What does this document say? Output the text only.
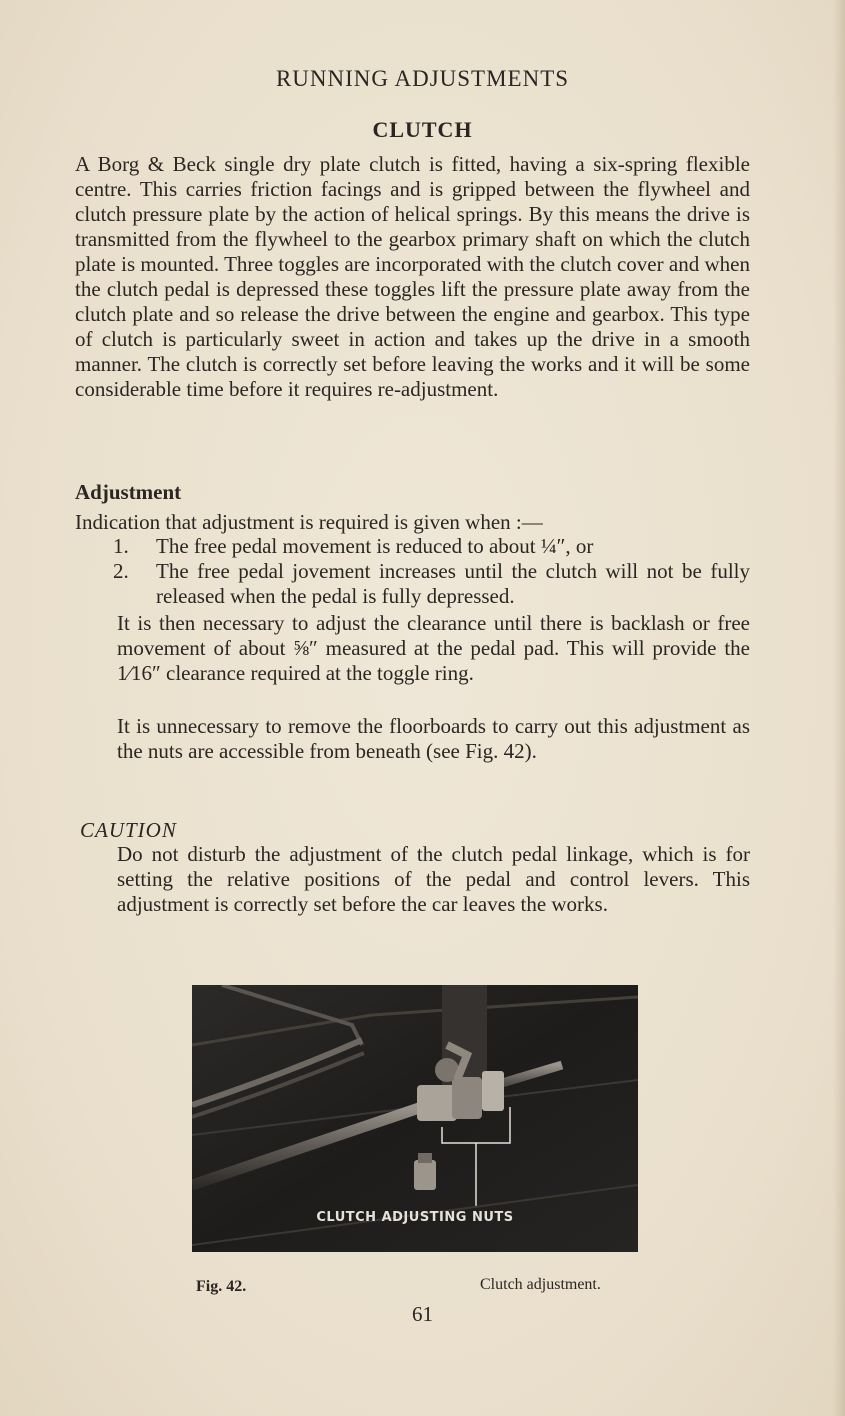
RUNNING ADJUSTMENTS
CLUTCH
A Borg & Beck single dry plate clutch is fitted, having a six-spring flexible centre. This carries friction facings and is gripped between the flywheel and clutch pressure plate by the action of helical springs. By this means the drive is transmitted from the flywheel to the gearbox primary shaft on which the clutch plate is mounted. Three toggles are incorporated with the clutch cover and when the clutch pedal is depressed these toggles lift the pressure plate away from the clutch plate and so release the drive between the engine and gearbox. This type of clutch is particularly sweet in action and takes up the drive in a smooth manner. The clutch is correctly set before leaving the works and it will be some considerable time before it requires re-adjustment.
Adjustment
Indication that adjustment is required is given when :—
1.	The free pedal movement is reduced to about ¼″, or
2.	The free pedal jovement increases until the clutch will not be fully released when the pedal is fully depressed.
It is then necessary to adjust the clearance until there is backlash or free movement of about ⅝″ measured at the pedal pad. This will provide the 1⁄16″ clearance required at the toggle ring.
It is unnecessary to remove the floorboards to carry out this adjustment as the nuts are accessible from beneath (see Fig. 42).
CAUTION
Do not disturb the adjustment of the clutch pedal linkage, which is for setting the relative positions of the pedal and control levers. This adjustment is correctly set before the car leaves the works.
CLUTCH ADJUSTING NUTS
Fig. 42.	Clutch adjustment.
61
